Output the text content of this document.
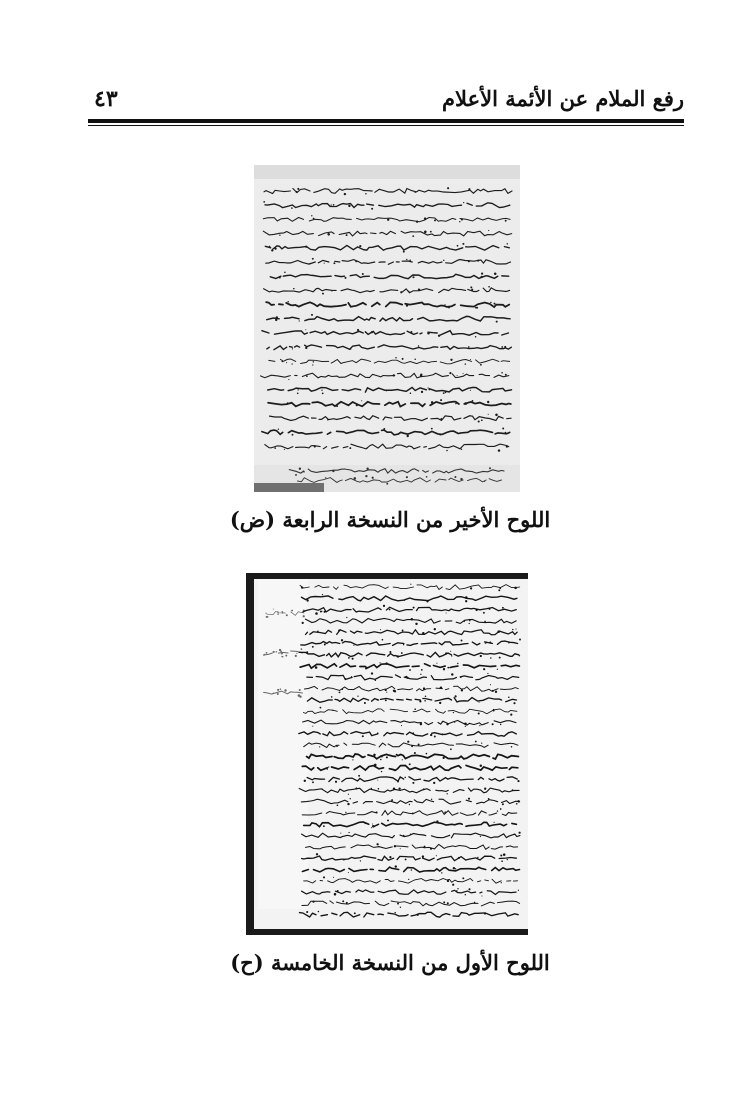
رفع الملام عن الأئمة الأعلام
٤٣
اللوح الأخير من النسخة الرابعة (ض)
اللوح الأول من النسخة الخامسة (ح)
